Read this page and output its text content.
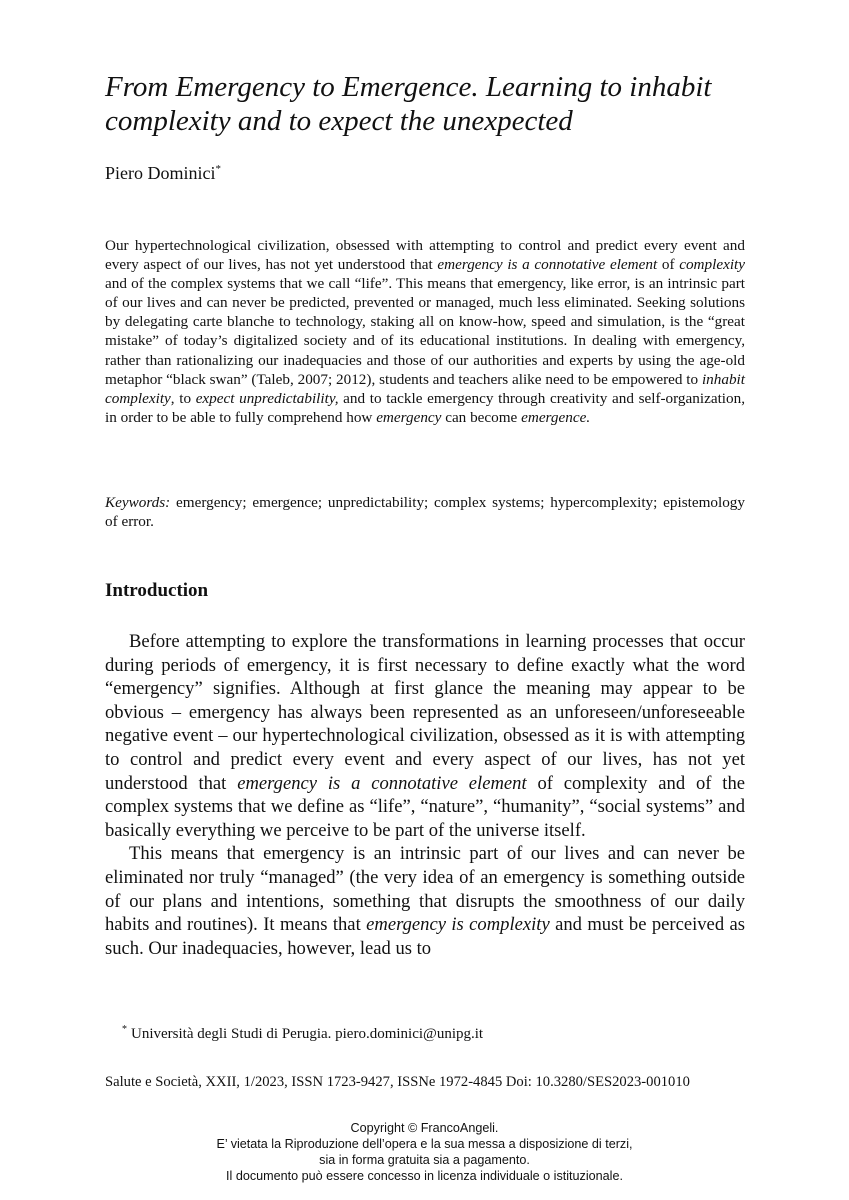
From Emergency to Emergence. Learning to inhabit complexity and to expect the unexpected

Piero Dominici*

Our hypertechnological civilization, obsessed with attempting to control and predict every event and every aspect of our lives, has not yet understood that emergency is a connotative element of complexity and of the complex systems that we call “life”. This means that emergency, like error, is an intrinsic part of our lives and can never be predicted, prevented or managed, much less eliminated. Seeking solutions by delegating carte blanche to technology, staking all on know-how, speed and simulation, is the “great mistake” of today’s digitalized society and of its educational institutions. In dealing with emergency, rather than rationalizing our inadequacies and those of our authorities and experts by using the age-old metaphor “black swan” (Taleb, 2007; 2012), students and teachers alike need to be empowered to inhabit complexity, to expect unpredictability, and to tackle emergency through creativity and self-organization, in order to be able to fully comprehend how emergency can become emergence.

Keywords: emergency; emergence; unpredictability; complex systems; hypercomplexity; epistemology of error.

Introduction

Before attempting to explore the transformations in learning processes that occur during periods of emergency, it is first necessary to define exactly what the word “emergency” signifies. Although at first glance the meaning may appear to be obvious – emergency has always been represented as an unforeseen/unforeseeable negative event – our hypertechnological civilization, obsessed as it is with attempting to control and predict every event and every aspect of our lives, has not yet understood that emergency is a connotative element of complexity and of the complex systems that we define as “life”, “nature”, “humanity”, “social systems” and basically everything we perceive to be part of the universe itself.

This means that emergency is an intrinsic part of our lives and can never be eliminated nor truly “managed” (the very idea of an emergency is something outside of our plans and intentions, something that disrupts the smoothness of our daily habits and routines). It means that emergency is complexity and must be perceived as such. Our inadequacies, however, lead us to

* Università degli Studi di Perugia. piero.dominici@unipg.it

Salute e Società, XXII, 1/2023, ISSN 1723-9427, ISSNe 1972-4845 Doi: 10.3280/SES2023-001010

Copyright © FrancoAngeli.
E’ vietata la Riproduzione dell’opera e la sua messa a disposizione di terzi,
sia in forma gratuita sia a pagamento.
Il documento può essere concesso in licenza individuale o istituzionale.
